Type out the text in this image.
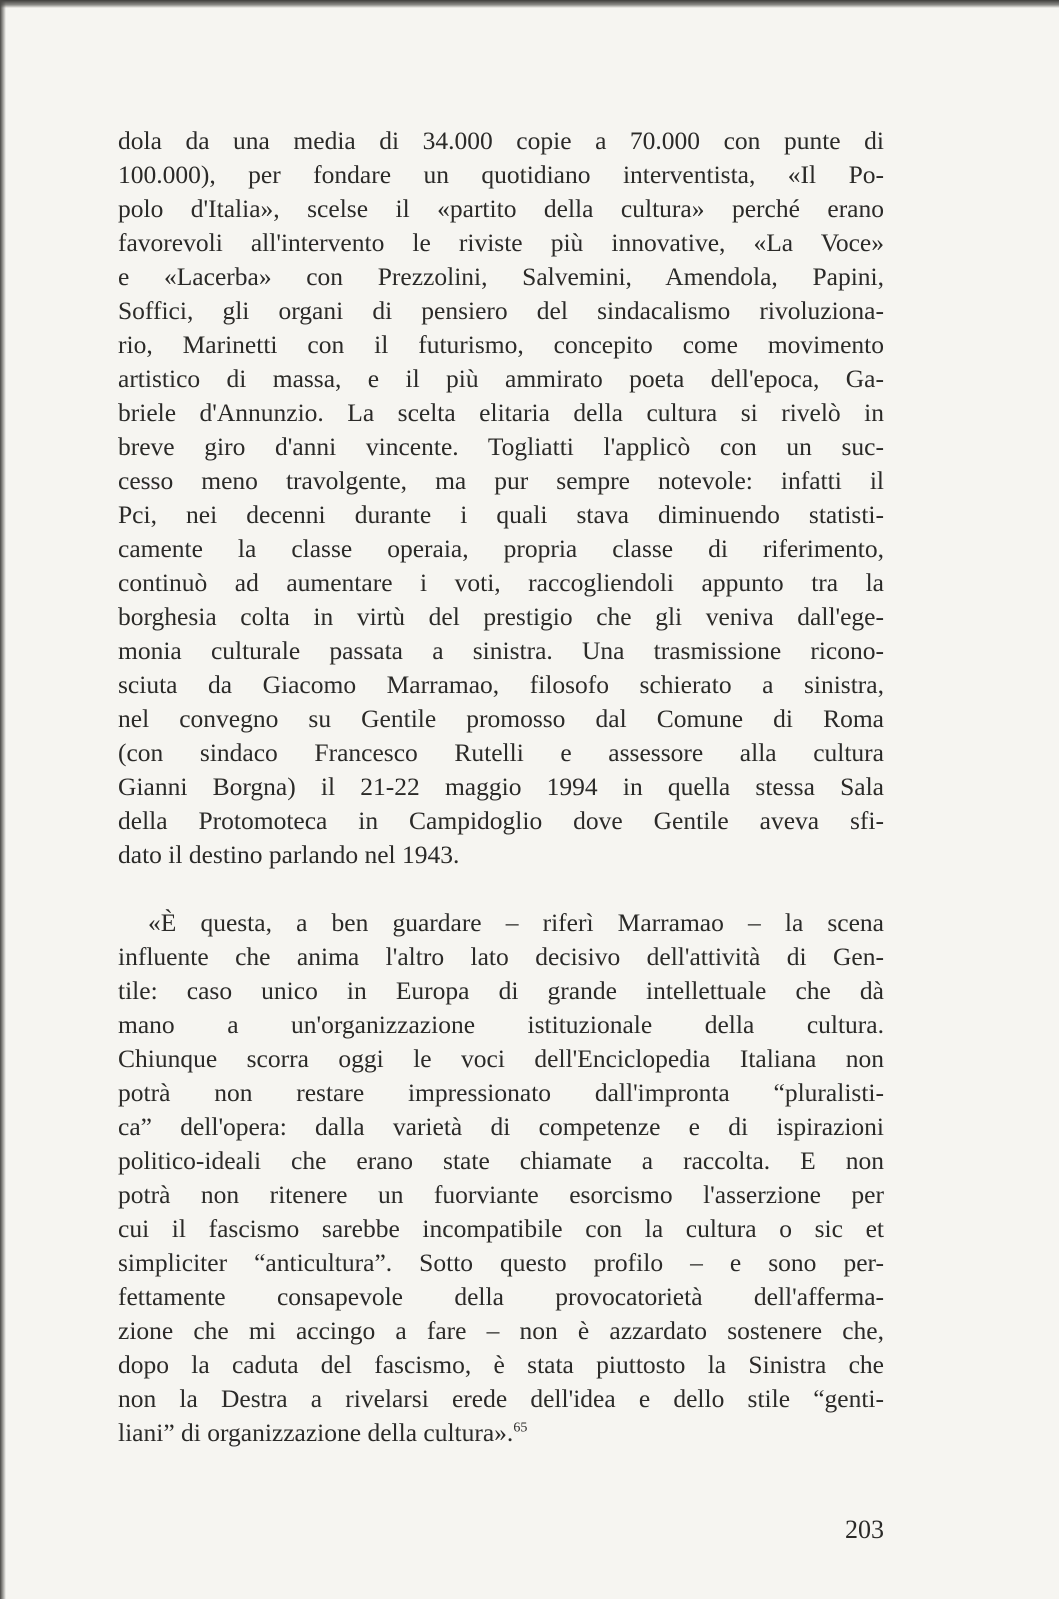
dola da una media di 34.000 copie a 70.000 con punte di
100.000), per fondare un quotidiano interventista, «Il Po-
polo d'Italia», scelse il «partito della cultura» perché erano
favorevoli all'intervento le riviste più innovative, «La Voce»
e «Lacerba» con Prezzolini, Salvemini, Amendola, Papini,
Soffici, gli organi di pensiero del sindacalismo rivoluziona-
rio, Marinetti con il futurismo, concepito come movimento
artistico di massa, e il più ammirato poeta dell'epoca, Ga-
briele d'Annunzio. La scelta elitaria della cultura si rivelò in
breve giro d'anni vincente. Togliatti l'applicò con un suc-
cesso meno travolgente, ma pur sempre notevole: infatti il
Pci, nei decenni durante i quali stava diminuendo statisti-
camente la classe operaia, propria classe di riferimento,
continuò ad aumentare i voti, raccogliendoli appunto tra la
borghesia colta in virtù del prestigio che gli veniva dall'ege-
monia culturale passata a sinistra. Una trasmissione ricono-
sciuta da Giacomo Marramao, filosofo schierato a sinistra,
nel convegno su Gentile promosso dal Comune di Roma
(con sindaco Francesco Rutelli e assessore alla cultura
Gianni Borgna) il 21-22 maggio 1994 in quella stessa Sala
della Protomoteca in Campidoglio dove Gentile aveva sfi-
dato il destino parlando nel 1943.

«È questa, a ben guardare – riferì Marramao – la scena
influente che anima l'altro lato decisivo dell'attività di Gen-
tile: caso unico in Europa di grande intellettuale che dà
mano a un'organizzazione istituzionale della cultura.
Chiunque scorra oggi le voci dell'Enciclopedia Italiana non
potrà non restare impressionato dall'impronta “pluralisti-
ca” dell'opera: dalla varietà di competenze e di ispirazioni
politico-ideali che erano state chiamate a raccolta. E non
potrà non ritenere un fuorviante esorcismo l'asserzione per
cui il fascismo sarebbe incompatibile con la cultura o sic et
simpliciter “anticultura”. Sotto questo profilo – e sono per-
fettamente consapevole della provocatorietà dell'afferma-
zione che mi accingo a fare – non è azzardato sostenere che,
dopo la caduta del fascismo, è stata piuttosto la Sinistra che
non la Destra a rivelarsi erede dell'idea e dello stile “genti-
liani” di organizzazione della cultura».$^{65}$

203
